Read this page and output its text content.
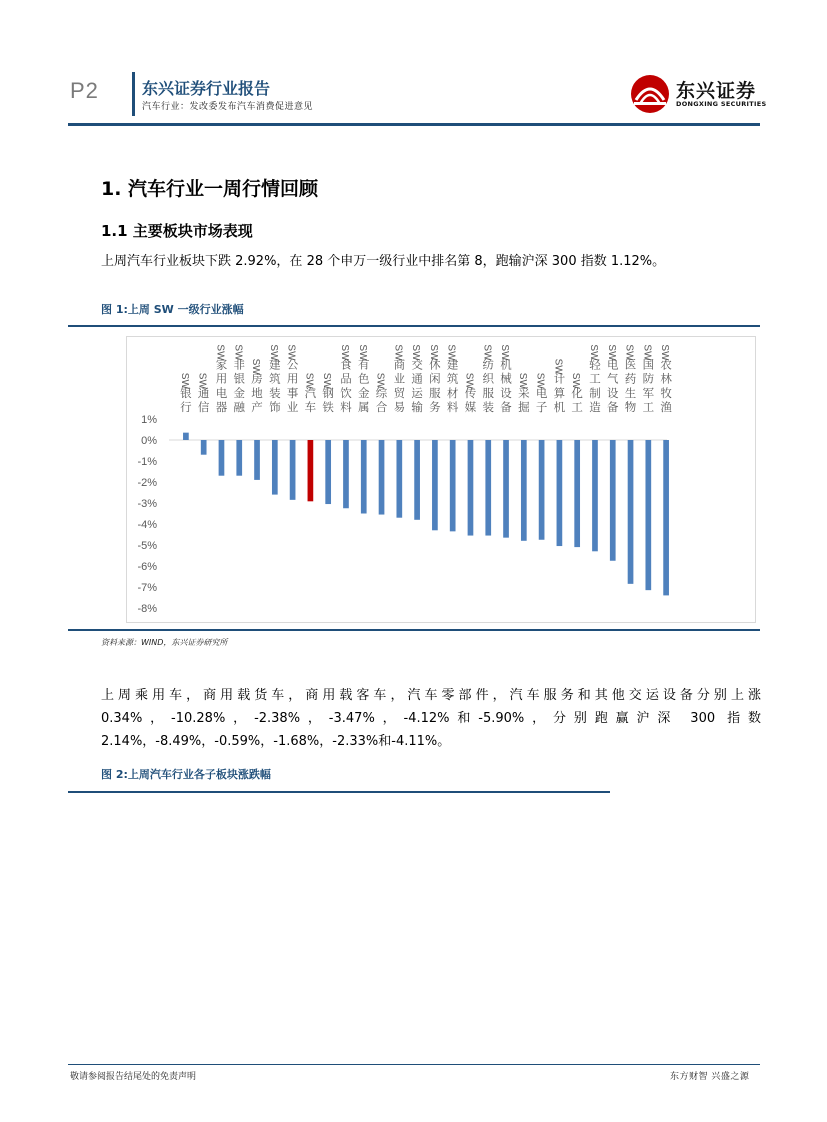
P2	东兴证券行业报告
汽车行业：发改委发布汽车消费促进意见
东兴证券
DONGXING SECURITIES
1. 汽车行业一周行情回顾
1.1 主要板块市场表现
上周汽车行业板块下跌 2.92%，在 28 个申万一级行业中排名第 8，跑输沪深 300 指数 1.12%。
图 1:上周 SW 一级行业涨幅
1%
0%
-1%
-2%
-3%
-4%
-5%
-6%
-7%
-8%
银行
SW
通信
SW
家用电器
SW
非银金融
SW
房地产
SW 建筑装饰
SW
公用事业
SW
汽车
SW
钢铁
SW
食品饮料
SW
有色金属
SW
综合
SW
商业贸易
SW
交通运输
SW
休闲服务
SW
建筑材料
SW
传媒
SW
纺织服装
SW
机械设备
SW
采掘
SW
电子
SW 计算机
SW
化工
SW
轻工制造
SW
电气设备
SW
医药生物
SW
国防军工
SW
农林牧渔
SW
资料来源：WIND，东兴证券研究所
上周乘用车，商用载货车，商用载客车，汽车零部件，汽车服务和其他交运设备分别上涨 0.34%，-10.28%，-2.38%，-3.47%，-4.12%和-5.90%，分别跑赢沪深 300 指数 2.14%，-8.49%，-0.59%，-1.68%，-2.33%和-4.11%。
图 2:上周汽车行业各子板块涨跌幅
敬请参阅报告结尾处的免责声明	东方财智 兴盛之源
